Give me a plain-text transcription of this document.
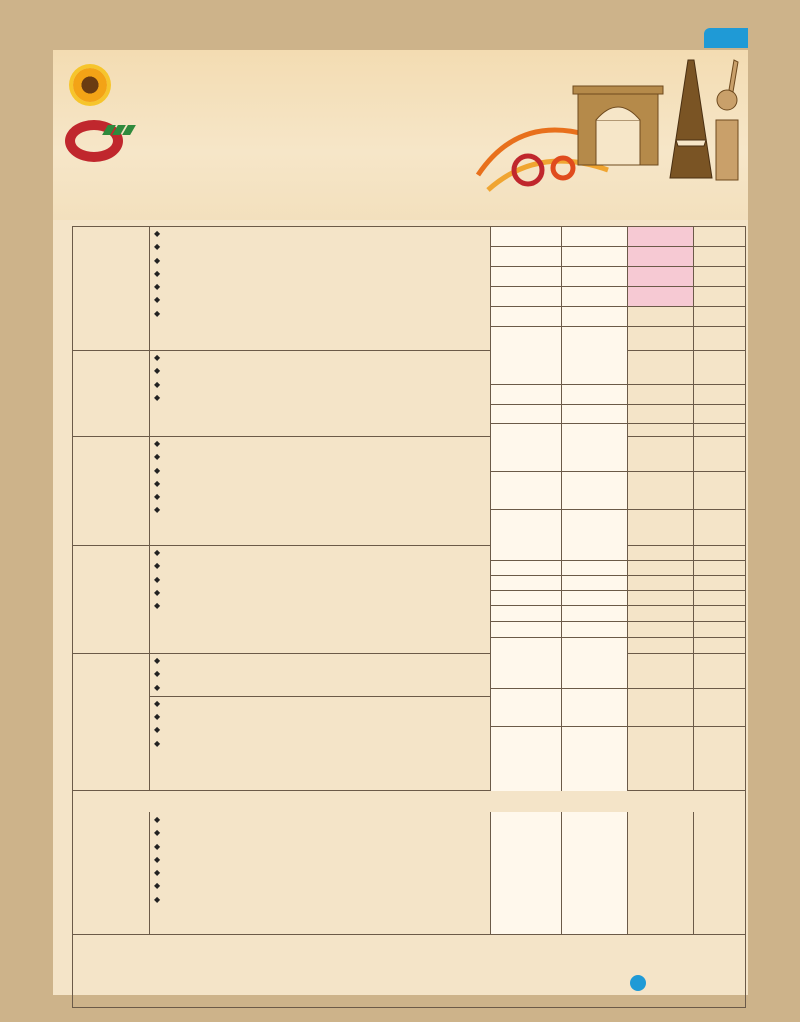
◆
◆
◆
◆
◆
◆
◆
◆
◆
◆
◆
◆
◆
◆
◆
◆
◆
◆
◆
◆
◆
◆
◆
◆
◆
◆
◆
◆
◆
◆
◆
◆
◆
◆
◆
◆
